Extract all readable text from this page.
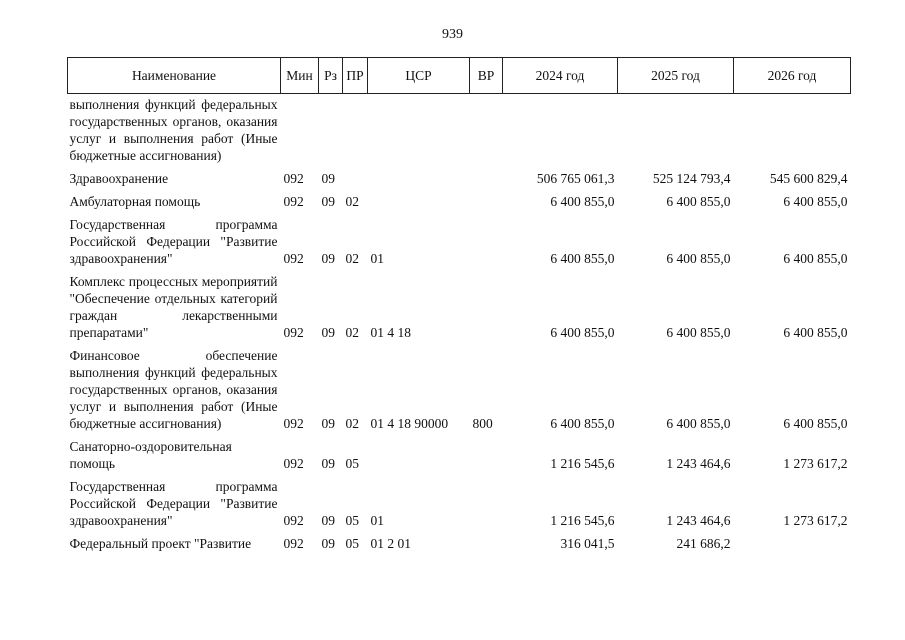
939
Наименование	Мин	Рз	ПР	ЦСР	ВР	2024 год	2025 год	2026 год
выполнения функций федеральных государственных органов, оказания услуг и выполнения работ (Иные бюджетные ассигнования)								
Здравоохранение	092	09				506 765 061,3	525 124 793,4	545 600 829,4
Амбулаторная помощь	092	09	02			6 400 855,0	6 400 855,0	6 400 855,0
Государственная программа Российской Федерации "Развитие здравоохранения"	092	09	02	01		6 400 855,0	6 400 855,0	6 400 855,0
Комплекс процессных мероприятий "Обеспечение отдельных категорий граждан лекарственными препаратами"	092	09	02	01 4 18		6 400 855,0	6 400 855,0	6 400 855,0
Финансовое обеспечение выполнения функций федеральных государственных органов, оказания услуг и выполнения работ (Иные бюджетные ассигнования)	092	09	02	01 4 18 90000	800	6 400 855,0	6 400 855,0	6 400 855,0
Санаторно-оздоровительная помощь	092	09	05			1 216 545,6	1 243 464,6	1 273 617,2
Государственная программа Российской Федерации "Развитие здравоохранения"	092	09	05	01		1 216 545,6	1 243 464,6	1 273 617,2
Федеральный проект "Развитие	092	09	05	01 2 01		316 041,5	241 686,2	
